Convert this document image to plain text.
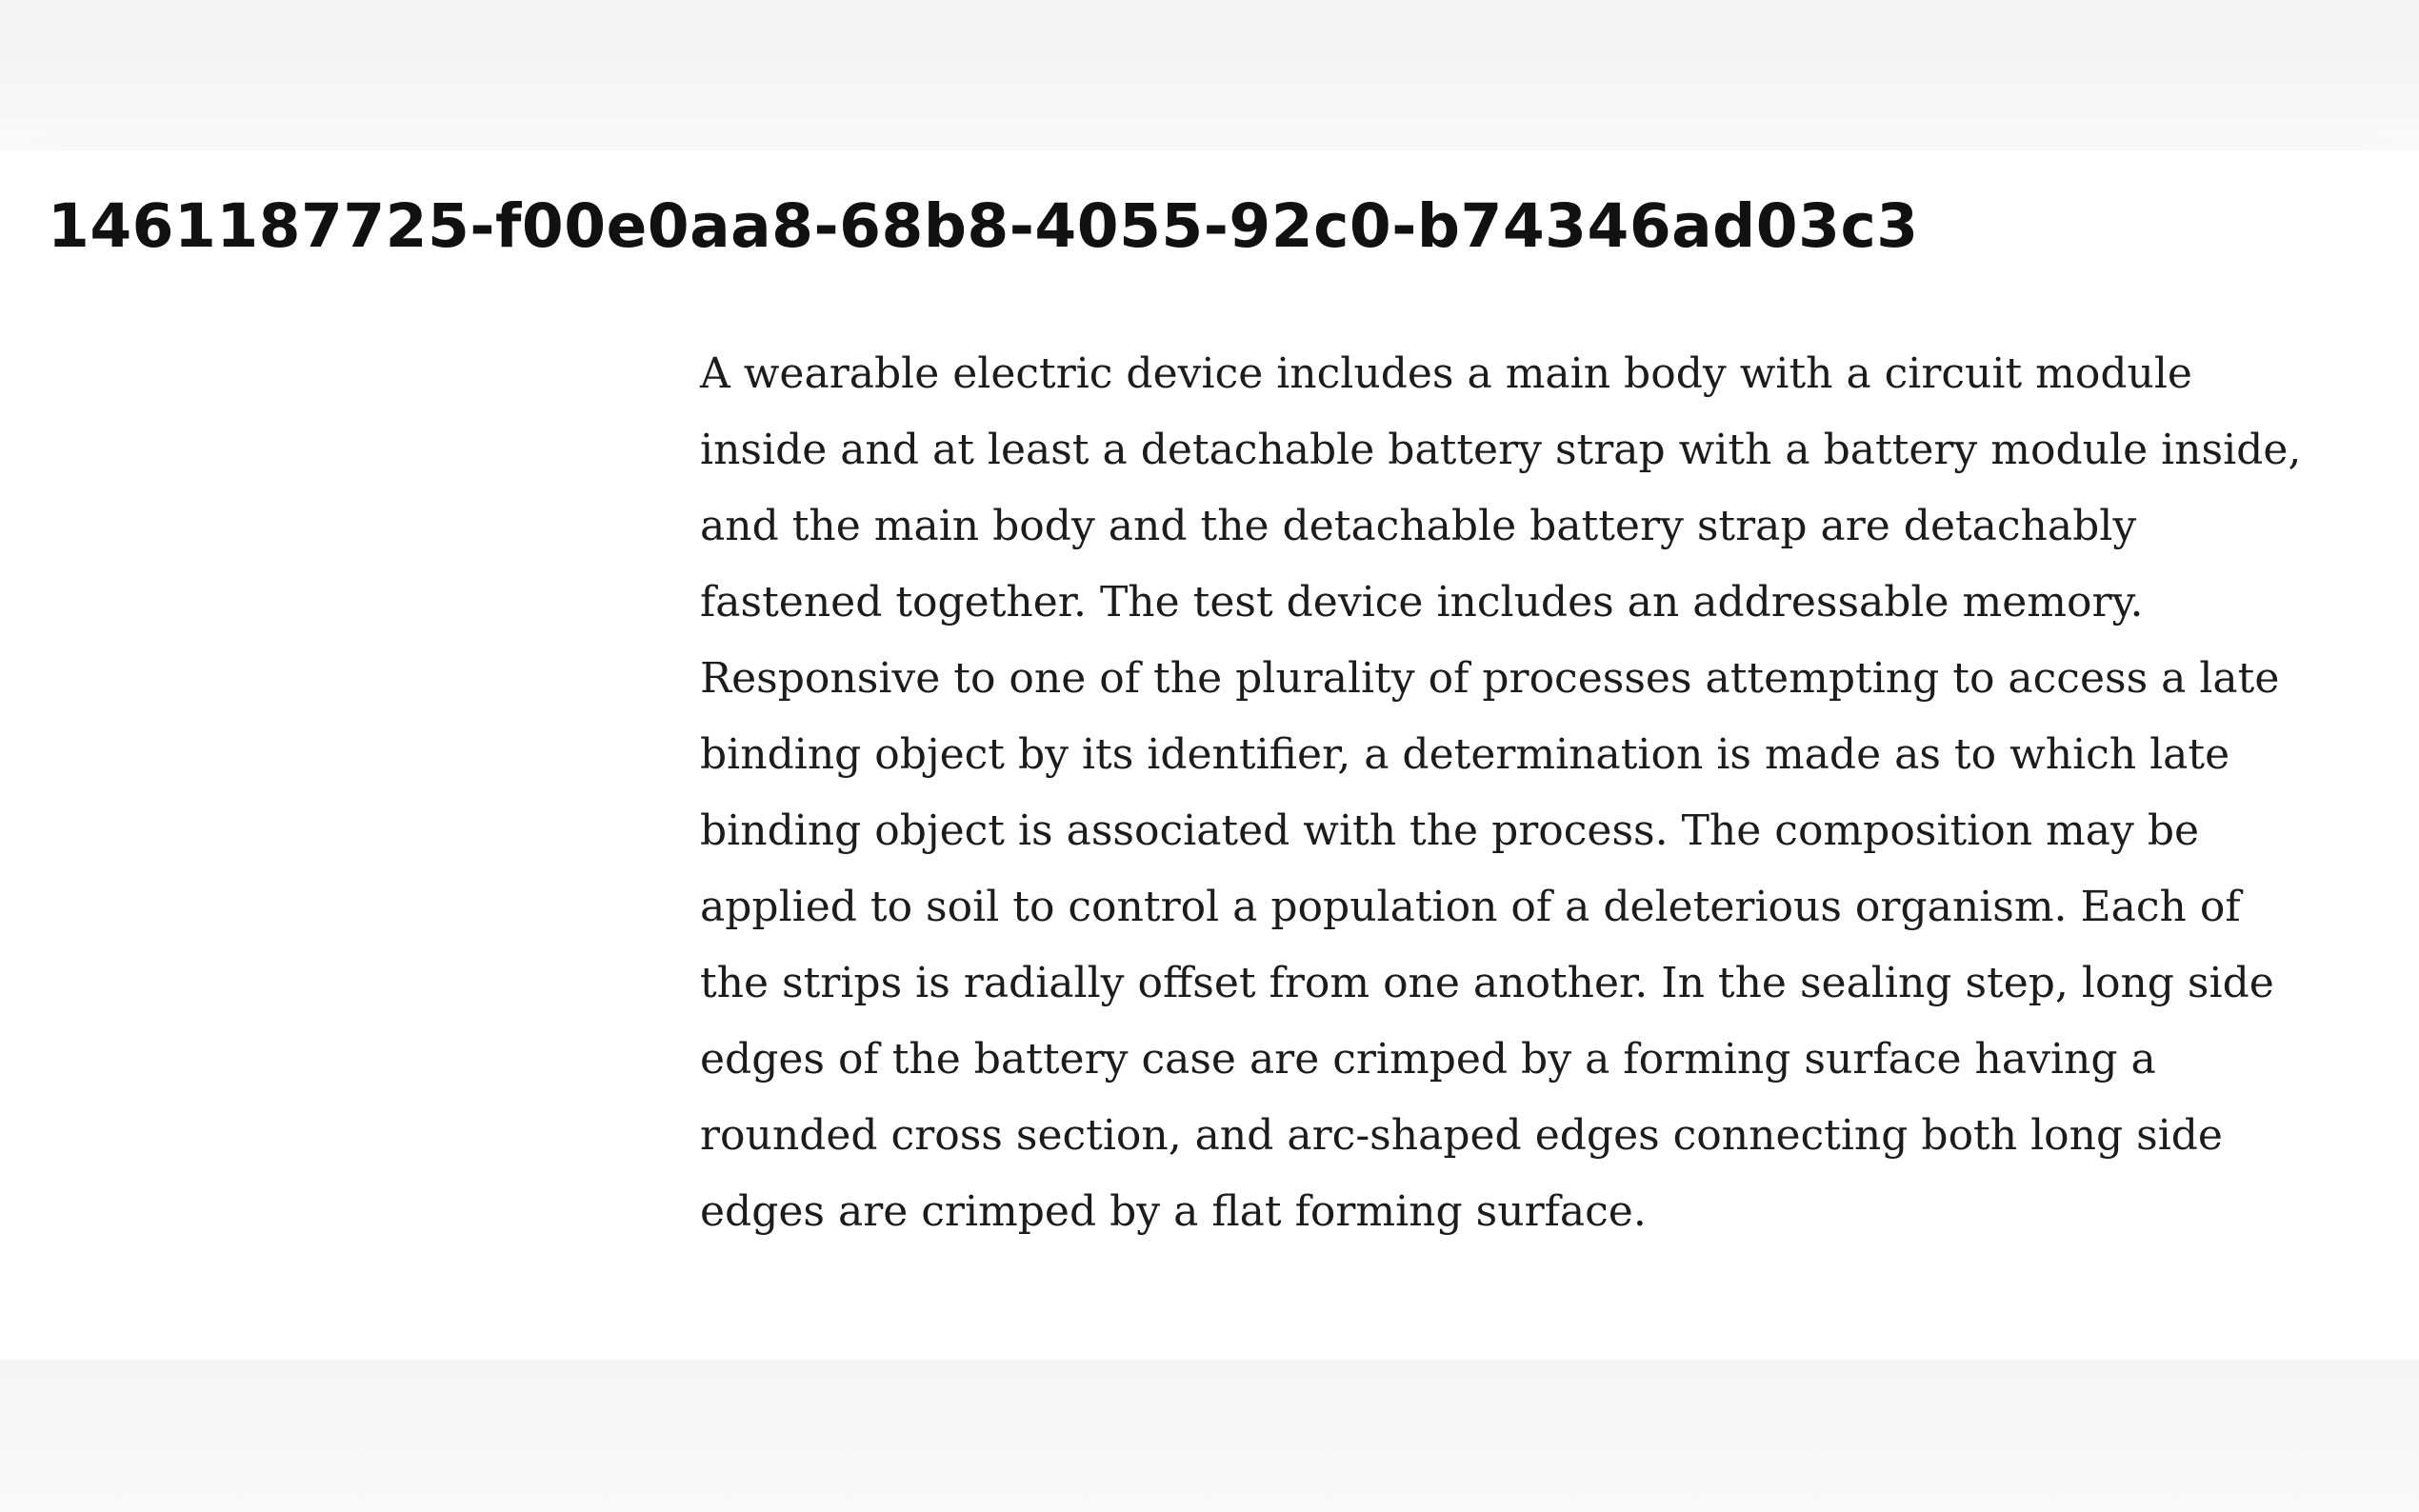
1461187725-f00e0aa8-68b8-4055-92c0-b74346ad03c3

A wearable electric device includes a main body with a circuit module
inside and at least a detachable battery strap with a battery module inside,
and the main body and the detachable battery strap are detachably
fastened together. The test device includes an addressable memory.
Responsive to one of the plurality of processes attempting to access a late
binding object by its identifier, a determination is made as to which late
binding object is associated with the process. The composition may be
applied to soil to control a population of a deleterious organism. Each of
the strips is radially offset from one another. In the sealing step, long side
edges of the battery case are crimped by a forming surface having a
rounded cross section, and arc-shaped edges connecting both long side
edges are crimped by a flat forming surface.
